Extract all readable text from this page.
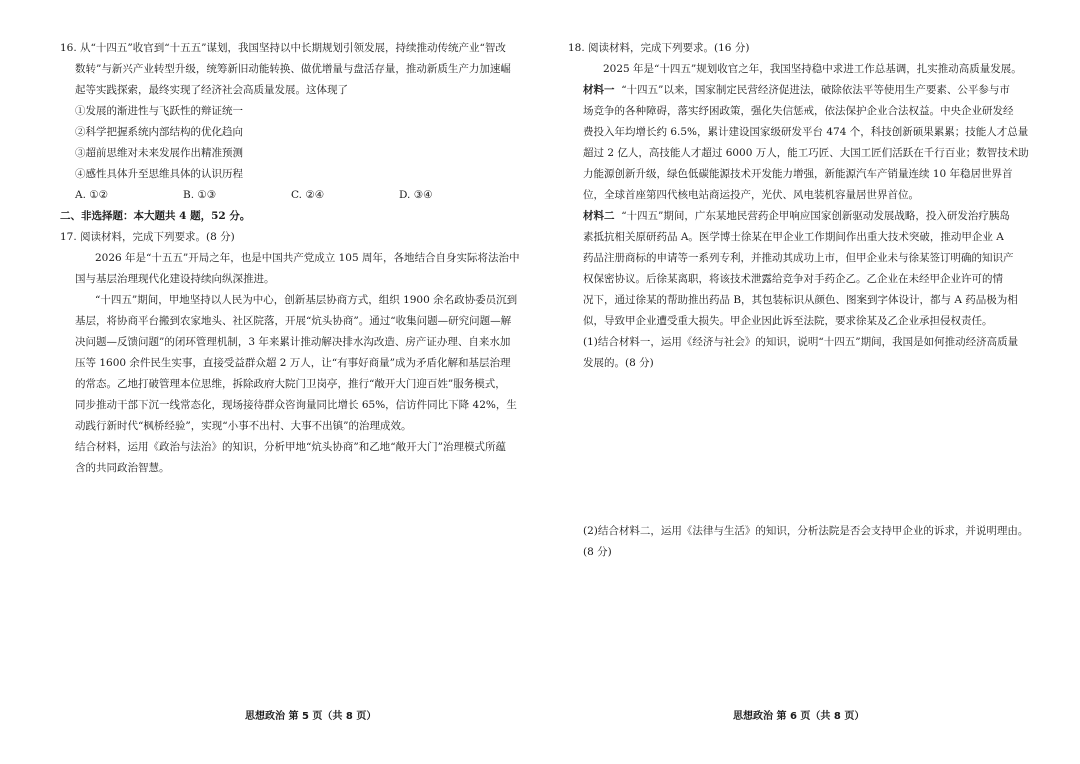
16. 从“十四五”收官到“十五五”谋划，我国坚持以中长期规划引领发展，持续推动传统产业“智改
数转”与新兴产业转型升级，统筹新旧动能转换、做优增量与盘活存量，推动新质生产力加速崛
起等实践探索，最终实现了经济社会高质量发展。这体现了
①发展的渐进性与飞跃性的辩证统一
②科学把握系统内部结构的优化趋向
③超前思维对未来发展作出精准预测
④感性具体升至思维具体的认识历程
A. ①②	B. ①③	C. ②④	D. ③④
二、非选择题：本大题共 4 题，52 分。
17. 阅读材料，完成下列要求。(8 分)
2026 年是“十五五”开局之年，也是中国共产党成立 105 周年，各地结合自身实际将法治中
国与基层治理现代化建设持续向纵深推进。
“十四五”期间，甲地坚持以人民为中心，创新基层协商方式，组织 1900 余名政协委员沉到
基层，将协商平台搬到农家地头、社区院落，开展“炕头协商”。通过“收集问题—研究问题—解
决问题—反馈问题”的闭环管理机制，3 年来累计推动解决排水沟改造、房产证办理、自来水加
压等 1600 余件民生实事，直接受益群众超 2 万人，让“有事好商量”成为矛盾化解和基层治理
的常态。乙地打破管理本位思维，拆除政府大院门卫岗亭，推行“敞开大门迎百姓”服务模式，
同步推动干部下沉一线常态化，现场接待群众咨询量同比增长 65%，信访件同比下降 42%，生
动践行新时代“枫桥经验”，实现“小事不出村、大事不出镇”的治理成效。
结合材料，运用《政治与法治》的知识，分析甲地“炕头协商”和乙地“敞开大门”治理模式所蕴
含的共同政治智慧。
思想政治 第 5 页（共 8 页）
18. 阅读材料，完成下列要求。(16 分)
2025 年是“十四五”规划收官之年，我国坚持稳中求进工作总基调，扎实推动高质量发展。
材料一 “十四五”以来，国家制定民营经济促进法，破除依法平等使用生产要素、公平参与市
场竞争的各种障碍，落实纾困政策，强化失信惩戒，依法保护企业合法权益。中央企业研发经
费投入年均增长约 6.5%，累计建设国家级研发平台 474 个，科技创新硕果累累；技能人才总量
超过 2 亿人，高技能人才超过 6000 万人，能工巧匠、大国工匠们活跃在千行百业；数智技术助
力能源创新升级，绿色低碳能源技术开发能力增强，新能源汽车产销量连续 10 年稳居世界首
位，全球首座第四代核电站商运投产，光伏、风电装机容量居世界首位。
材料二 “十四五”期间，广东某地民营药企甲响应国家创新驱动发展战略，投入研发治疗胰岛
素抵抗相关原研药品 A。医学博士徐某在甲企业工作期间作出重大技术突破，推动甲企业 A
药品注册商标的申请等一系列专利，并推动其成功上市，但甲企业未与徐某签订明确的知识产
权保密协议。后徐某离职，将该技术泄露给竞争对手药企乙。乙企业在未经甲企业许可的情
况下，通过徐某的帮助推出药品 B，其包装标识从颜色、图案到字体设计，都与 A 药品极为相
似，导致甲企业遭受重大损失。甲企业因此诉至法院，要求徐某及乙企业承担侵权责任。
(1)结合材料一，运用《经济与社会》的知识，说明“十四五”期间，我国是如何推动经济高质量
发展的。(8 分)
(2)结合材料二，运用《法律与生活》的知识，分析法院是否会支持甲企业的诉求，并说明理由。
(8 分)
思想政治 第 6 页（共 8 页）
